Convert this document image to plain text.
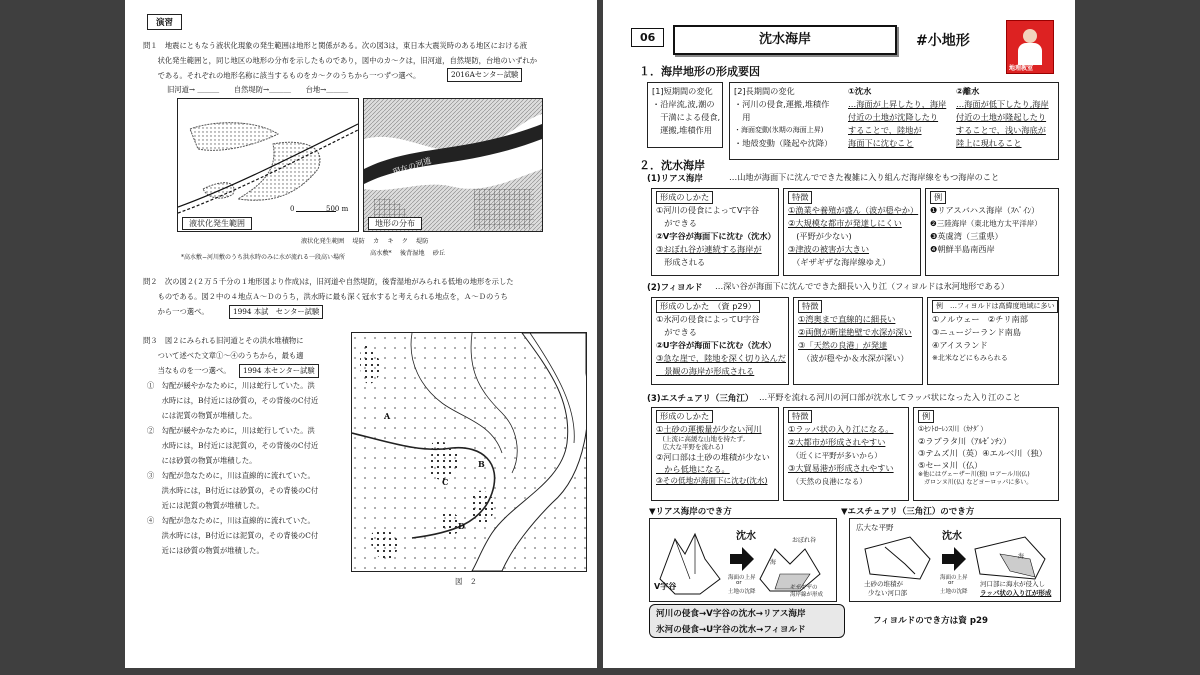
演習
問１　地震にともなう液状化現象の発生範囲は地形と関係がある。次の図3は，東日本大震災時のある地区における液
　　状化発生範囲と，同じ地区の地形の分布を示したものであり，図中のカ～クは，旧河道，自然堤防，台地のいずれか
　　である。それぞれの地形名称に該当するものをカ～クのうちから一つずつ選べ。	2016Aセンター試験
旧河道→ ＿＿＿　　自然堤防→＿＿＿　　台地→＿＿＿
液状化発生範囲
0	500 m
現在の河道
地形の分布
液状化発生範囲　 堤防　 カ　 キ　 ク　 堤防
高水敷*　 後背湿地　 砂丘
*高水敷−河川敷のうち洪水時のみに水が流れる一段高い場所
問２　次の図２(２万５千分の１地形図より作成)は，旧河道や自然堤防，後背湿地がみられる低地の地形を示した
　　ものである。図２中の４地点Ａ～Ｄのうち，洪水時に最も深く冠水すると考えられる地点を，Ａ～Ｄのうち
　　から一つ選べ。	1994 本試　センター試験
問３　図２にみられる旧河道とその洪水堆積物に
　　ついて述べた文章①～④のうちから，最も適
　　当なものを一つ選べ。	1994 本センター試験
①　勾配が緩やかなために，川は蛇行していた。洪
　　水時には，B付近には砂質の，その背後のC付近
　　には泥質の物質が堆積した。
②　勾配が緩やかなために，川は蛇行していた。洪
　　水時には，B付近には泥質の，その背後のC付近
　　には砂質の物質が堆積した。
③　勾配が急なために，川は直線的に流れていた。
　　洪水時には，B付近には砂質の，その背後のC付
　　近には泥質の物質が堆積した。
④　勾配が急なために，川は直線的に流れていた。
　　洪水時には，B付近には泥質の，その背後のC付
　　近には砂質の物質が堆積した。
A
B
C
D
図　２
06	沈水海岸	#小地形
地理教室
１．海岸地形の形成要因
[1]短期間の変化
・沿岸流,波,潮の
　干満による侵食,
　運搬,堆積作用
[2]長期間の変化
・河川の侵食,運搬,堆積作
　用
・海面変動(氷期の海面上昇)
・地殻変動（隆起や沈降）
①沈水
…海面が上昇したり，海岸
付近の土地が沈降したり
することで，陸地が
海面下に沈むこと
②離水
…海面が低下したり,海岸
付近の土地が隆起したり
することで，浅い海底が
陸上に現れること
２．沈水海岸
(1)リアス海岸	…山地が海面下に沈んでできた複雑に入り組んだ海岸線をもつ海岸のこと
形成のしかた
①河川の侵食によってV字谷
　ができる
②V字谷が海面下に沈む（沈水）
③おぼれ谷が連続する海岸が
　形成される
特徴
①漁業や養殖が盛ん（波が穏やか）
②大規模な都市が発達しにくい
　(平野が少ない)
③津波の被害が大きい
　（ギザギザな海岸線ゆえ）
例
❶リアスバハス海岸（ｽﾍﾟｲﾝ）
❷三陸海岸（東北地方太平洋岸）
❸英虞湾（三重県）
❹朝鮮半島南西岸
(2)フィヨルド …深い谷が海面下に沈んでできた細長い入り江（フィヨルドは氷河地形である）
形成のしかた　（資 p29）
①氷河の侵食によってU字谷
　ができる
②U字谷が海面下に沈む（沈水）
③急な崖で，陸地を深く切り込んだ
　景観の海岸が形成される
特徴
①湾奥まで直線的に細長い
②両側が断崖絶壁で水深が深い
③「天然の良港」が発達
　（波が穏やか＆水深が深い）
例　…フィヨルドは高緯度地域に多い
①ノルウェー　②チリ南部
③ニュージーランド南島
④アイスランド
※北米などにもみられる
(3)エスチュアリ（三角江） …平野を流れる河川の河口部が沈水してラッパ状になった入り江のこと
形成のしかた
①土砂の運搬量が少ない河川
　(上流に高緩な山地を持たず,
　広大な平野を流れる)
②河口部は土砂の堆積が少ない
　から低地になる。
③その低地が海面下に沈む(沈水)
特徴
①ラッパ状の入り江になる。
②大都市が形成されやすい
　（近くに平野が多いから）
③大貿易港が形成されやすい
　（天然の良港になる）
例
①ｾﾝﾄﾛｰﾚﾝｽ川（ｶﾅﾀﾞ）
②ラプラタ川（ｱﾙｾﾞﾝﾁﾝ）
③テムズ川（英）④エルベ川（独）
⑤セーヌ川（仏）
※他にはヴェーザー川(独) ロアール川(仏)
　ガロンヌ川(仏) などヨーロッパに多い。
▼リアス海岸のでき方	▼エスチュアリ（三角江）のでき方
沈水
V字谷
おぼれ谷
海
海面の上昇
or
土地の沈降
ギザギザの
海岸線が形成
沈水
広大な平野
土砂の堆積が
少ない河口部
海面の上昇
or
土地の沈降
海
河口部に海水が侵入し
ラッパ状の入り江が形成
河川の侵食→V字谷の沈水→リアス海岸
氷河の侵食→U字谷の沈水→フィヨルド
フィヨルドのでき方は資 p29
